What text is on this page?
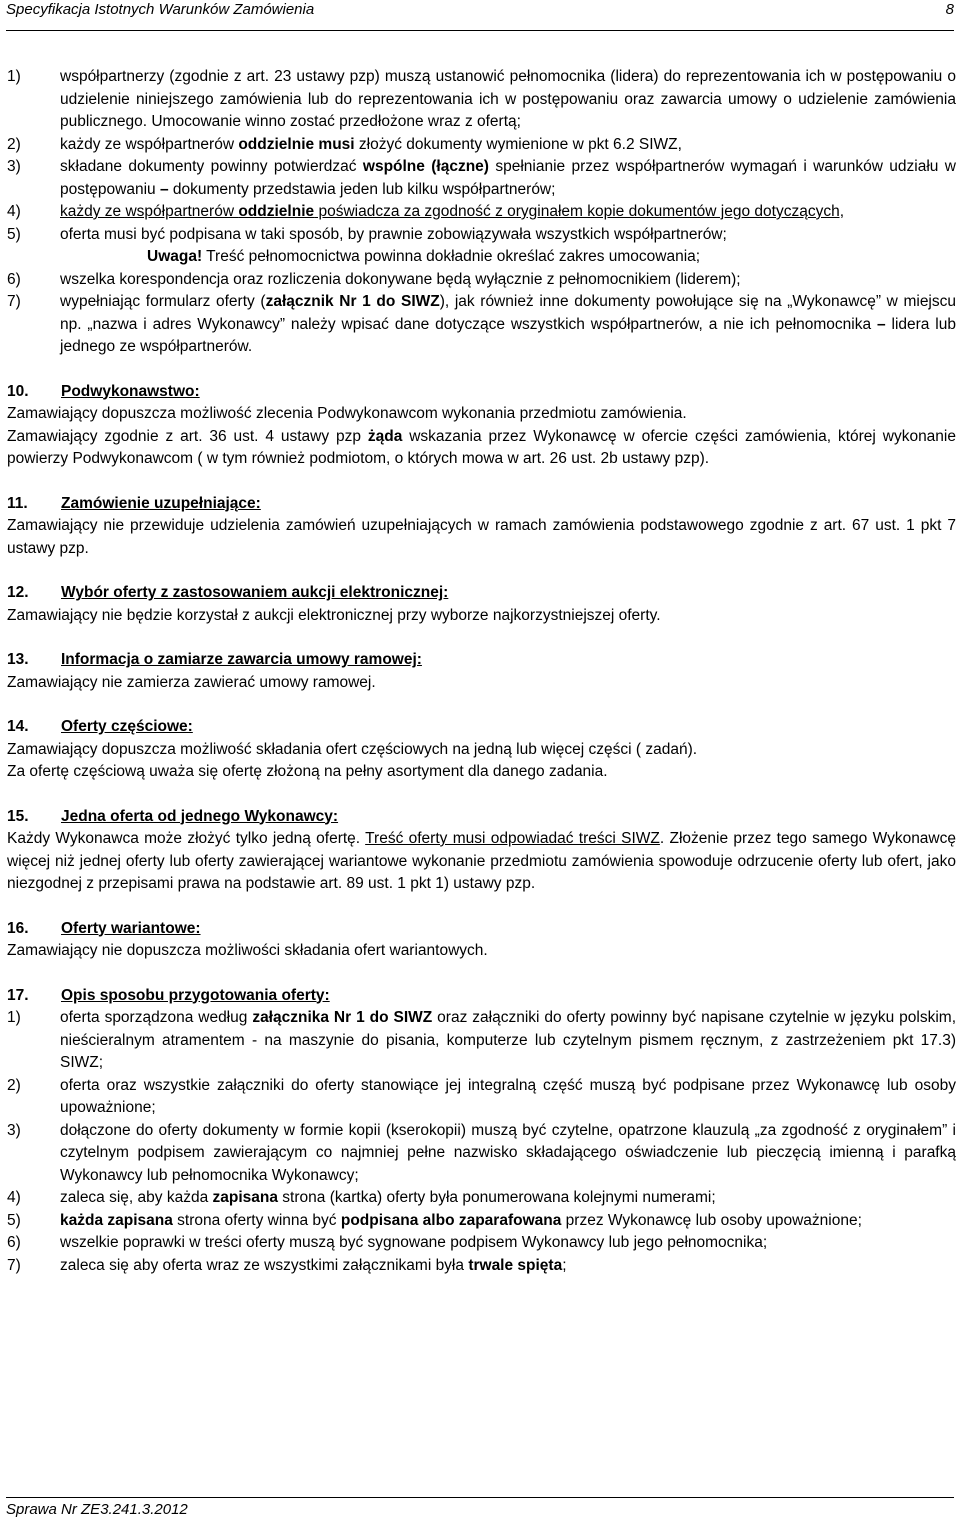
Specyfikacja Istotnych Warunków Zamówienia	8
1)	współpartnerzy (zgodnie z art. 23 ustawy pzp) muszą ustanowić pełnomocnika (lidera) do reprezentowania ich w postępowaniu o udzielenie niniejszego zamówienia lub do reprezentowania ich w postępowaniu oraz zawarcia umowy o udzielenie zamówienia publicznego. Umocowanie winno zostać przedłożone wraz z ofertą;
2)	każdy ze współpartnerów oddzielnie musi złożyć dokumenty wymienione w pkt 6.2 SIWZ,
3)	składane dokumenty powinny potwierdzać wspólne (łączne) spełnianie przez współpartnerów wymagań i warunków udziału w postępowaniu – dokumenty przedstawia jeden lub kilku współpartnerów;
4)	każdy ze współpartnerów oddzielnie poświadcza za zgodność z oryginałem kopie dokumentów jego dotyczących,
5)	oferta musi być podpisana w taki sposób, by prawnie zobowiązywała wszystkich współpartnerów;
Uwaga! Treść pełnomocnictwa powinna dokładnie określać zakres umocowania;
6)	wszelka korespondencja oraz rozliczenia dokonywane będą wyłącznie z pełnomocnikiem (liderem);
7)	wypełniając formularz oferty (załącznik Nr 1 do SIWZ), jak również inne dokumenty powołujące się na „Wykonawcę” w miejscu np. „nazwa i adres Wykonawcy” należy wpisać dane dotyczące wszystkich współpartnerów, a nie ich pełnomocnika – lidera lub jednego ze współpartnerów.
10. Podwykonawstwo:
Zamawiający dopuszcza możliwość zlecenia Podwykonawcom wykonania przedmiotu zamówienia.
Zamawiający zgodnie z art. 36 ust. 4 ustawy pzp żąda wskazania przez Wykonawcę w ofercie części zamówienia, której wykonanie powierzy Podwykonawcom ( w tym również podmiotom, o których mowa w art. 26 ust. 2b ustawy pzp).
11. Zamówienie uzupełniające:
Zamawiający nie przewiduje udzielenia zamówień uzupełniających w ramach zamówienia podstawowego zgodnie z art. 67 ust. 1 pkt 7 ustawy pzp.
12. Wybór oferty z zastosowaniem aukcji elektronicznej:
Zamawiający nie będzie korzystał z aukcji elektronicznej przy wyborze najkorzystniejszej oferty.
13. Informacja o zamiarze zawarcia umowy ramowej:
Zamawiający nie zamierza zawierać umowy ramowej.
14. Oferty częściowe:
Zamawiający dopuszcza możliwość składania ofert częściowych na jedną lub więcej części ( zadań).
Za ofertę częściową uważa się ofertę złożoną na pełny asortyment dla danego zadania.
15. Jedna oferta od jednego Wykonawcy:
Każdy Wykonawca może złożyć tylko jedną ofertę. Treść oferty musi odpowiadać treści SIWZ. Złożenie przez tego samego Wykonawcę więcej niż jednej oferty lub oferty zawierającej wariantowe wykonanie przedmiotu zamówienia spowoduje odrzucenie oferty lub ofert, jako niezgodnej z przepisami prawa na podstawie art. 89 ust. 1 pkt 1) ustawy pzp.
16. Oferty wariantowe:
Zamawiający nie dopuszcza możliwości składania ofert wariantowych.
17. Opis sposobu przygotowania oferty:
1)	oferta sporządzona według załącznika Nr 1 do SIWZ oraz załączniki do oferty powinny być napisane czytelnie w języku polskim, nieścieralnym atramentem - na maszynie do pisania, komputerze lub czytelnym pismem ręcznym, z zastrzeżeniem pkt 17.3) SIWZ;
2)	oferta oraz wszystkie załączniki do oferty stanowiące jej integralną część muszą być podpisane przez Wykonawcę lub osoby upoważnione;
3)	dołączone do oferty dokumenty w formie kopii (kserokopii) muszą być czytelne, opatrzone klauzulą „za zgodność z oryginałem” i czytelnym podpisem zawierającym co najmniej pełne nazwisko składającego oświadczenie lub pieczęcią imienną i parafką Wykonawcy lub pełnomocnika Wykonawcy;
4)	zaleca się, aby każda zapisana strona (kartka) oferty była ponumerowana kolejnymi numerami;
5)	każda zapisana strona oferty winna być podpisana albo zaparafowana przez Wykonawcę lub osoby upoważnione;
6)	wszelkie poprawki w treści oferty muszą być sygnowane podpisem Wykonawcy lub jego pełnomocnika;
7)	zaleca się aby oferta wraz ze wszystkimi załącznikami była trwale spięta;
Sprawa Nr ZE3.241.3.2012
